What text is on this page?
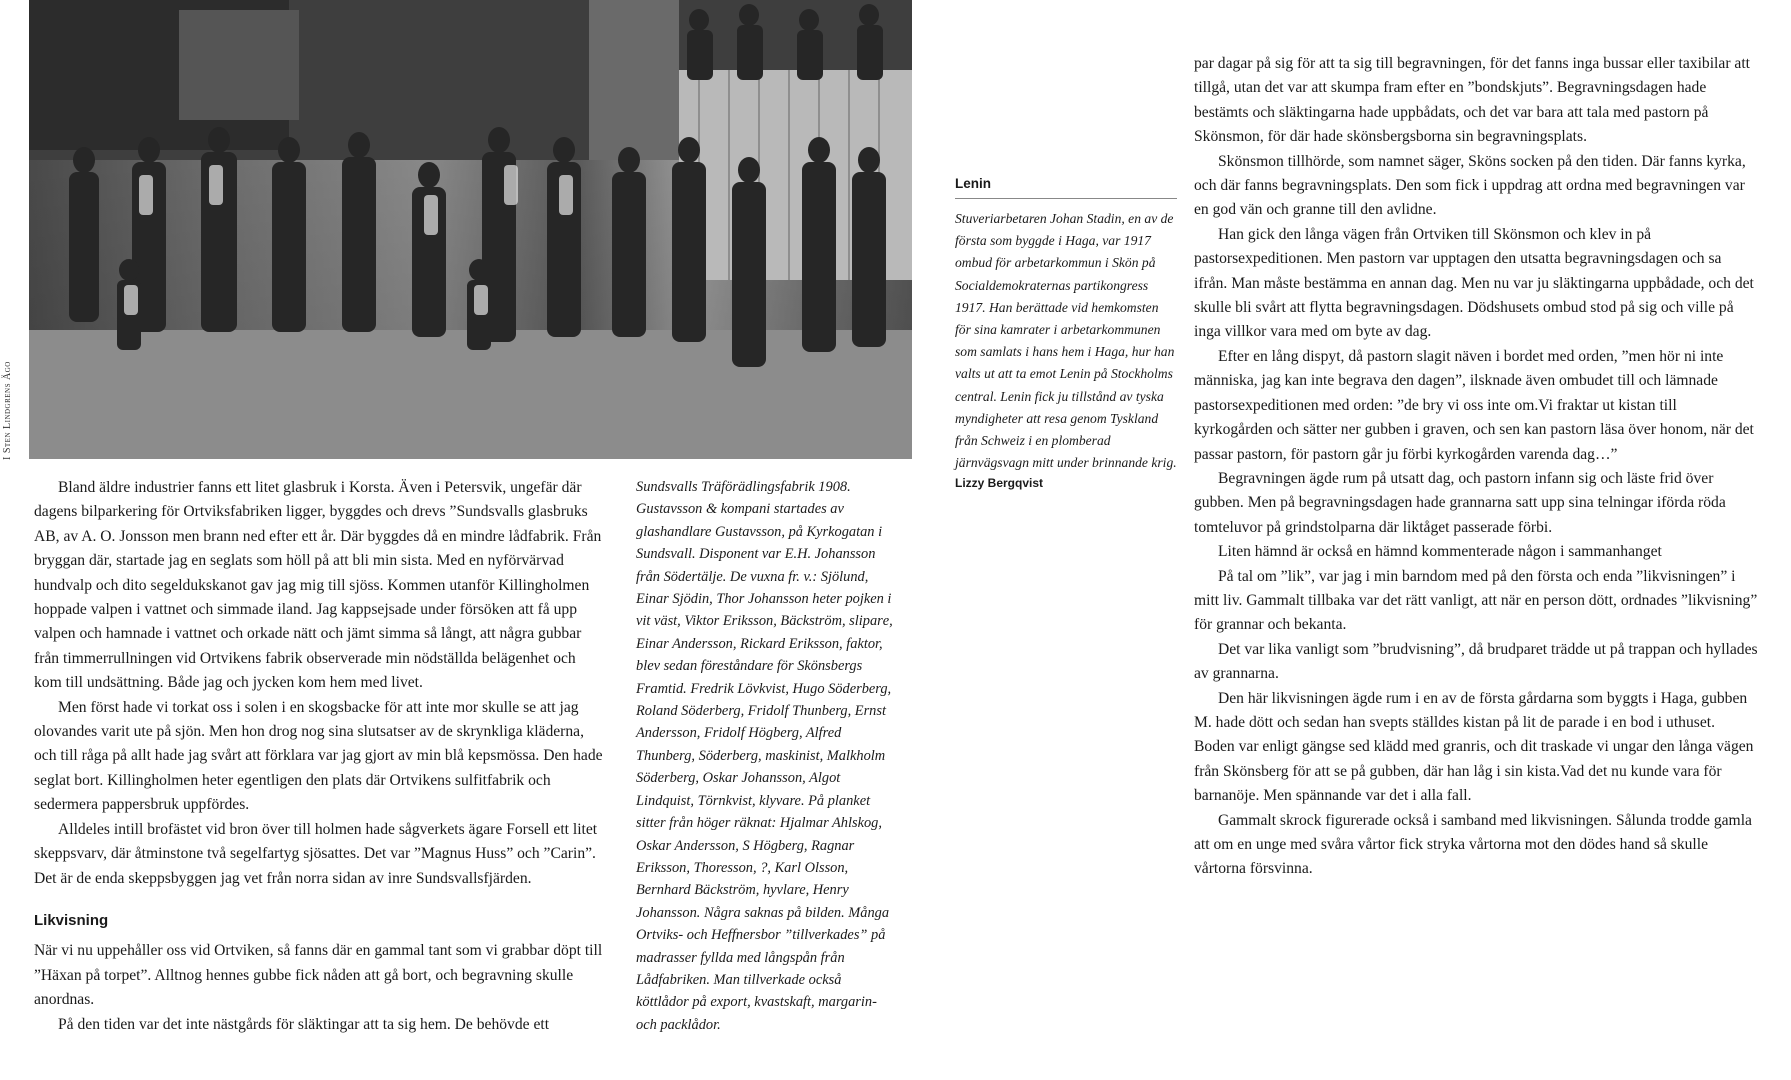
I Sten Lindgrens Ägo

Bland äldre industrier fanns ett litet glasbruk i Korsta. Även i Petersvik, ungefär där dagens bilparkering för Ortviksfabriken ligger, byggdes och drevs ”Sundsvalls glasbruks AB, av A. O. Jonsson men brann ned efter ett år. Där byggdes då en mindre lådfabrik. Från bryggan där, startade jag en seglats som höll på att bli min sista. Med en nyförvärvad hundvalp och dito segeldukskanot gav jag mig till sjöss. Kommen utanför Killingholmen hoppade valpen i vattnet och simmade iland. Jag kappsejsade under försöken att få upp valpen och hamnade i vattnet och orkade nätt och jämt simma så långt, att några gubbar från timmerrullningen vid Ortvikens fabrik observerade min nödställda belägenhet och kom till undsättning. Både jag och jycken kom hem med livet.

Men först hade vi torkat oss i solen i en skogsbacke för att inte mor skulle se att jag olovandes varit ute på sjön. Men hon drog nog sina slutsatser av de skrynkliga kläderna, och till råga på allt hade jag svårt att förklara var jag gjort av min blå kepsmössa. Den hade seglat bort. Killingholmen heter egentligen den plats där Ortvikens sulfitfabrik och sedermera pappersbruk uppfördes.

Alldeles intill brofästet vid bron över till holmen hade sågverkets ägare Forsell ett litet skeppsvarv, där åtminstone två segelfartyg sjösattes. Det var ”Magnus Huss” och ”Carin”. Det är de enda skeppsbyggen jag vet från norra sidan av inre Sundsvallsfjärden.

Likvisning

När vi nu uppehåller oss vid Ortviken, så fanns där en gammal tant som vi grabbar döpt till ”Häxan på torpet”. Alltnog hennes gubbe fick nåden att gå bort, och begravning skulle anordnas.

På den tiden var det inte nästgårds för släktingar att ta sig hem. De behövde ett

Sundsvalls Träförädlingsfabrik 1908. Gustavsson & kompani startades av glashandlare Gustavsson, på Kyrkogatan i Sundsvall. Disponent var E.H. Johansson från Södertälje. De vuxna fr. v.: Sjölund, Einar Sjödin, Thor Johansson heter pojken i vit väst, Viktor Eriksson, Bäckström, sliparе, Einar Andersson, Rickard Eriksson, faktor, blev sedan föreståndare för Skönsbergs Framtid. Fredrik Lövkvist, Hugo Söderberg, Roland Söderberg, Fridolf Thunberg, Ernst Andersson, Fridolf Högberg, Alfred Thunberg, Söderberg, maskinist, Malkholm Söderberg, Oskar Johansson, Algot Lindquist, Törnkvist, klyvare. På planket sitter från höger räknat: Hjalmar Ahlskog, Oskar Andersson, S Högberg, Ragnar Eriksson, Thoresson, ?, Karl Olsson, Bernhard Bäckström, hyvlare, Henry Johansson. Några saknas på bilden. Många Ortviks- och Heffnersbor ”tillverkades” på madrasser fyllda med långspån från Lådfabriken. Man tillverkade också köttlådor på export, kvastskaft, margarin- och packlådor.
Lenin
Stuveriarbetaren Johan Stadin, en av de första som byggde i Haga, var 1917 ombud för arbetarkommun i Skön på Socialdemokraternas partikongress 1917. Han berättade vid hemkomsten för sina kamrater i arbetarkommunen som samlats i hans hem i Haga, hur han valts ut att ta emot Lenin på Stockholms central. Lenin fick ju tillstånd av tyska myndigheter att resa genom Tyskland från Schweiz i en plomberad järnvägsvagn mitt under brinnande krig.
Lizzy Bergqvist

par dagar på sig för att ta sig till begravningen, för det fanns inga bussar eller taxibilar att tillgå, utan det var att skumpa fram efter en ”bondskjuts”. Begravningsdagen hade bestämts och släktingarna hade uppbådats, och det var bara att tala med pastorn på Skönsmon, för där hade skönsbergsborna sin begravningsplats.

Skönsmon tillhörde, som namnet säger, Sköns socken på den tiden. Där fanns kyrka, och där fanns begravningsplats. Den som fick i uppdrag att ordna med begravningen var en god vän och granne till den avlidne.

Han gick den långa vägen från Ortviken till Skönsmon och klev in på pastorsexpeditionen. Men pastorn var upptagen den utsatta begravningsdagen och sa ifrån. Man måste bestämma en annan dag. Men nu var ju släktingarna uppbådade, och det skulle bli svårt att flytta begravningsdagen. Dödshusets ombud stod på sig och ville på inga villkor vara med om byte av dag.

Efter en lång dispyt, då pastorn slagit näven i bordet med orden, ”men hör ni inte människa, jag kan inte begrava den dagen”, ilsknade även ombudet till och lämnade pastorsexpeditionen med orden: ”de bry vi oss inte om.Vi fraktar ut kistan till kyrkogården och sätter ner gubben i graven, och sen kan pastorn läsa över honom, när det passar pastorn, för pastorn går ju förbi kyrkogården varenda dag…”

Begravningen ägde rum på utsatt dag, och pastorn infann sig och läste frid över gubben. Men på begravningsdagen hade grannarna satt upp sina telningar iförda röda tomteluvor på grindstolparna där liktåget passerade förbi.

Liten hämnd är också en hämnd kommenterade någon i sammanhanget

På tal om ”lik”, var jag i min barndom med på den första och enda ”likvisningen” i mitt liv. Gammalt tillbaka var det rätt vanligt, att när en person dött, ordnades ”likvisning” för grannar och bekanta.

Det var lika vanligt som ”brudvisning”, då brudparet trädde ut på trappan och hyllades av grannarna.

Den här likvisningen ägde rum i en av de första gårdarna som byggts i Haga, gubben M. hade dött och sedan han svepts ställdes kistan på lit de parade i en bod i uthuset. Boden var enligt gängse sed klädd med granris, och dit traskade vi ungar den långa vägen från Skönsberg för att se på gubben, där han låg i sin kista.Vad det nu kunde vara för barnanöje. Men spännande var det i alla fall.

Gammalt skrock figurerade också i samband med likvisningen. Sålunda trodde gamla att om en unge med svåra vårtor fick stryka vårtorna mot den dödes hand så skulle vårtorna försvinna.
